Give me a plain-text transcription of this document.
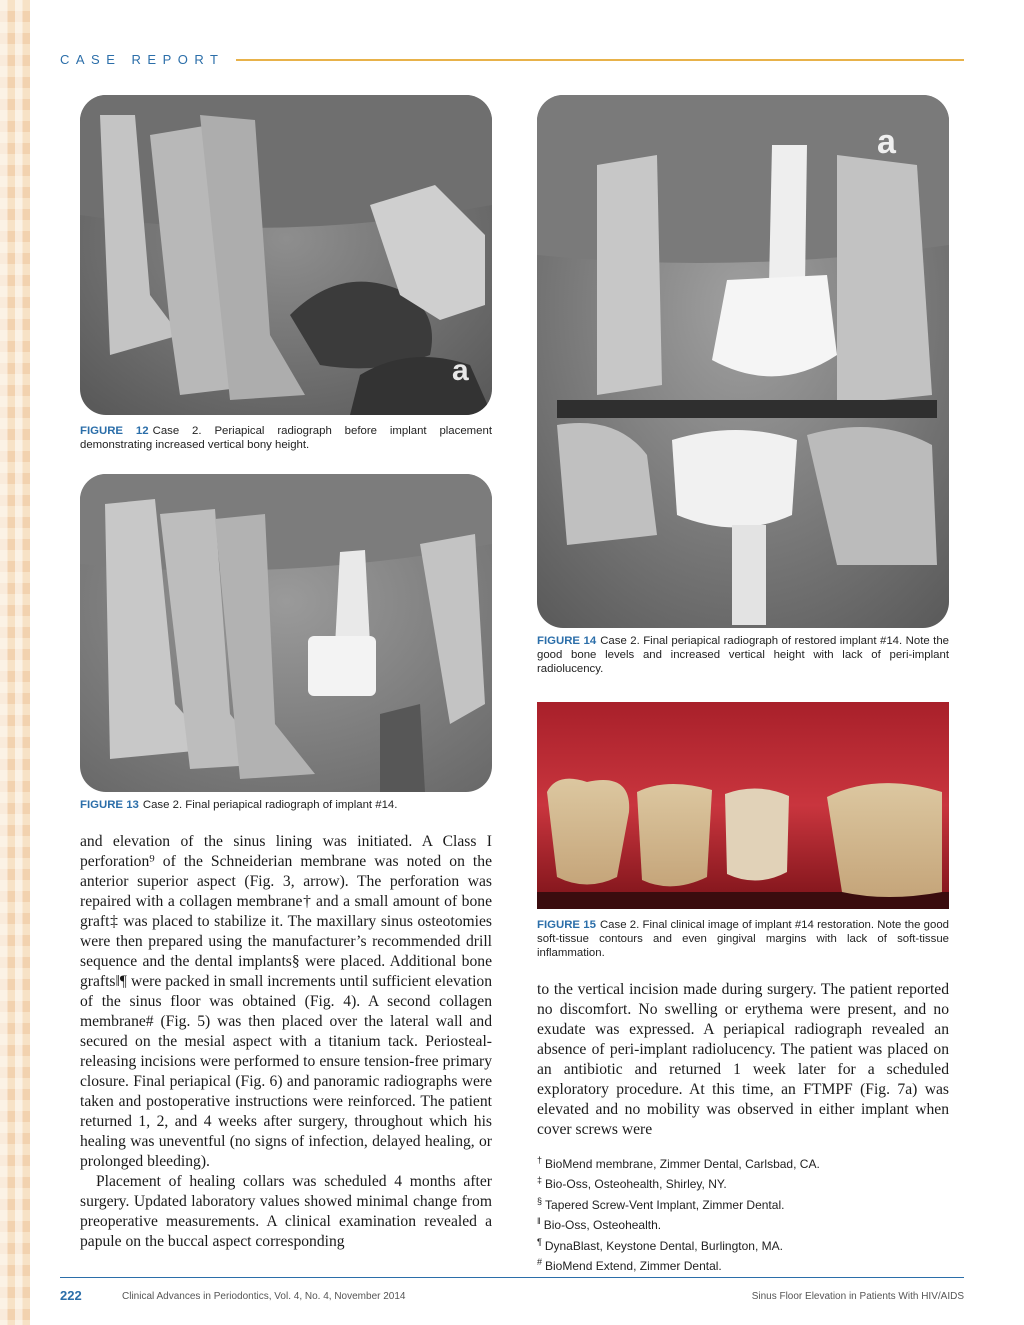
CASE REPORT
a
FIGURE 12 Case 2. Periapical radiograph before implant placement demonstrating increased vertical bony height.
FIGURE 13 Case 2. Final periapical radiograph of implant #14.
a
FIGURE 14 Case 2. Final periapical radiograph of restored implant #14. Note the good bone levels and increased vertical height with lack of peri-implant radiolucency.
FIGURE 15 Case 2. Final clinical image of implant #14 restoration. Note the good soft-tissue contours and even gingival margins with lack of soft-tissue inflammation.

and elevation of the sinus lining was initiated. A Class I perforation⁹ of the Schneiderian membrane was noted on the anterior superior aspect (Fig. 3, arrow). The perforation was repaired with a collagen membrane† and a small amount of bone graft‡ was placed to stabilize it. The maxillary sinus osteotomies were then prepared using the manufacturer’s recommended drill sequence and the dental implants§ were placed. Additional bone grafts‖¶ were packed in small increments until sufficient elevation of the sinus floor was obtained (Fig. 4). A second collagen membrane# (Fig. 5) was then placed over the lateral wall and secured on the mesial aspect with a titanium tack. Periosteal-releasing incisions were performed to ensure tension-free primary closure. Final periapical (Fig. 6) and panoramic radiographs were taken and postoperative instructions were reinforced. The patient returned 1, 2, and 4 weeks after surgery, throughout which his healing was uneventful (no signs of infection, delayed healing, or prolonged bleeding).

Placement of healing collars was scheduled 4 months after surgery. Updated laboratory values showed minimal change from preoperative measurements. A clinical examination revealed a papule on the buccal aspect corresponding

to the vertical incision made during surgery. The patient reported no discomfort. No swelling or erythema were present, and no exudate was expressed. A periapical radiograph revealed an absence of peri-implant radiolucency. The patient was placed on an antibiotic and returned 1 week later for a scheduled exploratory procedure. At this time, an FTMPF (Fig. 7a) was elevated and no mobility was observed in either implant when cover screws were

† BioMend membrane, Zimmer Dental, Carlsbad, CA.
‡ Bio-Oss, Osteohealth, Shirley, NY.
§ Tapered Screw-Vent Implant, Zimmer Dental.
‖ Bio-Oss, Osteohealth.
¶ DynaBlast, Keystone Dental, Burlington, MA.
# BioMend Extend, Zimmer Dental.
222	Clinical Advances in Periodontics, Vol. 4, No. 4, November 2014	Sinus Floor Elevation in Patients With HIV/AIDS
